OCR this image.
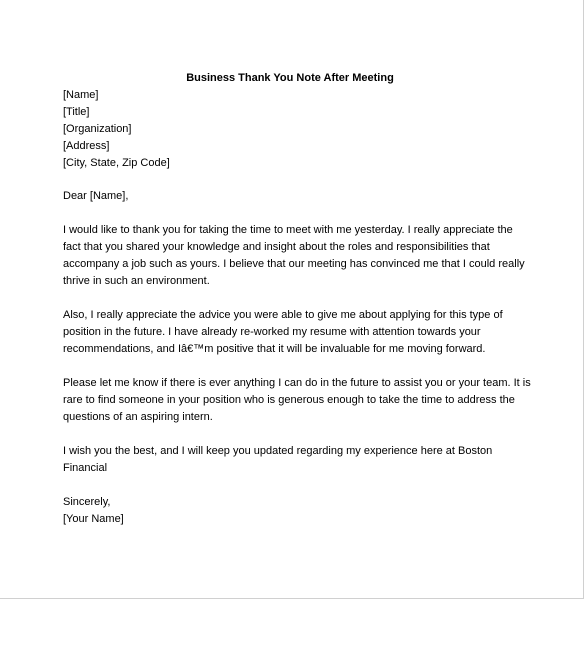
Business Thank You Note After Meeting
[Name]
[Title]
[Organization]
[Address]
[City, State, Zip Code]
Dear [Name],
I would like to thank you for taking the time to meet with me yesterday. I really appreciate the
fact that you shared your knowledge and insight about the roles and responsibilities that
accompany a job such as yours. I believe that our meeting has convinced me that I could really
thrive in such an environment.
Also, I really appreciate the advice you were able to give me about applying for this type of
position in the future. I have already re-worked my resume with attention towards your
recommendations, and Iâ€™m positive that it will be invaluable for me moving forward.
Please let me know if there is ever anything I can do in the future to assist you or your team. It is
rare to find someone in your position who is generous enough to take the time to address the
questions of an aspiring intern.
I wish you the best, and I will keep you updated regarding my experience here at Boston
Financial
Sincerely,
[Your Name]
